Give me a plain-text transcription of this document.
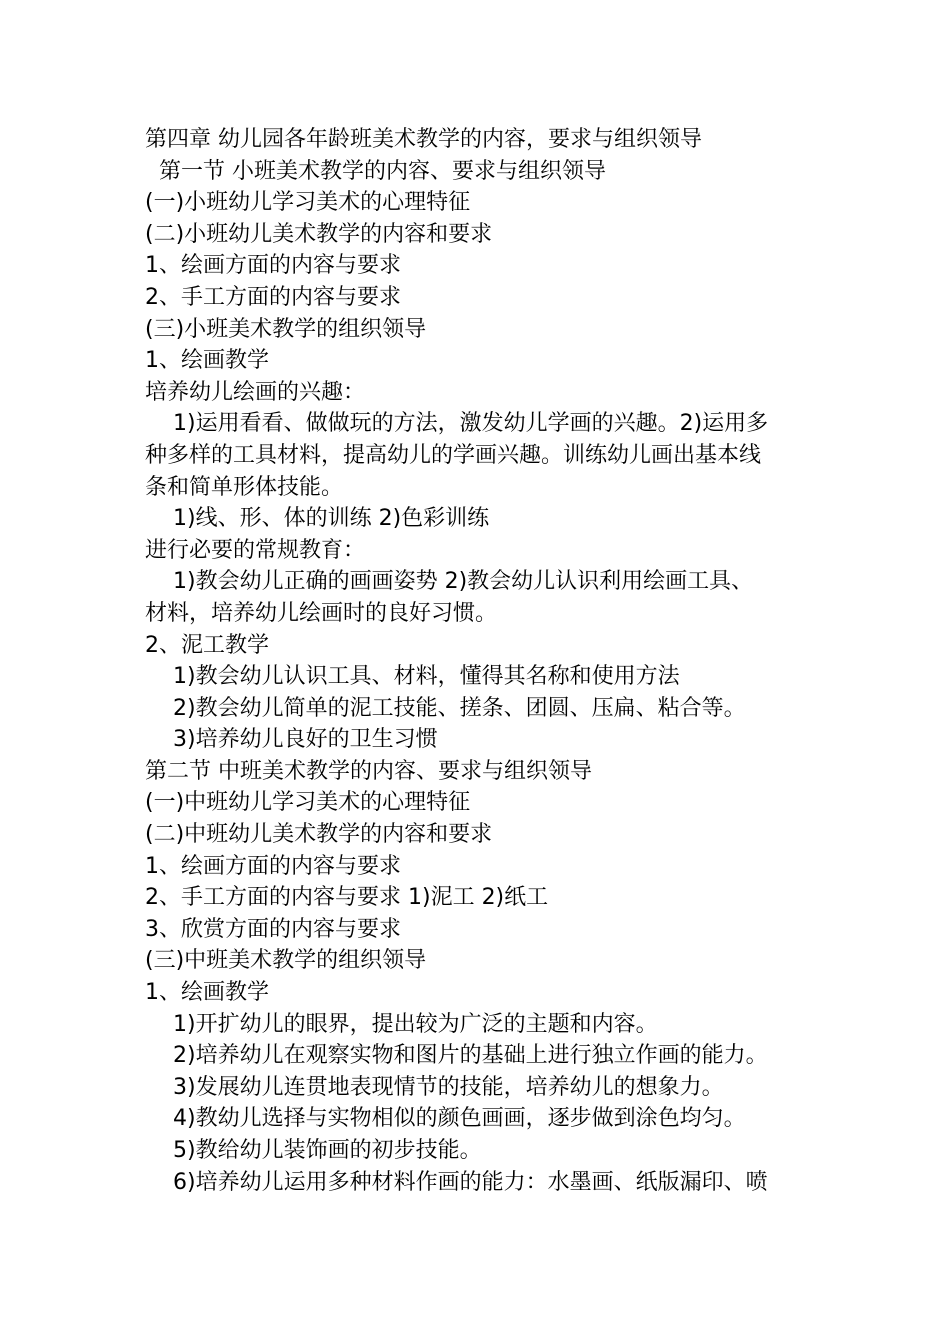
第四章 幼儿园各年龄班美术教学的内容，要求与组织领导
第一节 小班美术教学的内容、要求与组织领导
(一)小班幼儿学习美术的心理特征
(二)小班幼儿美术教学的内容和要求
1、绘画方面的内容与要求
2、手工方面的内容与要求
(三)小班美术教学的组织领导
1、绘画教学
培养幼儿绘画的兴趣：
1)运用看看、做做玩的方法，激发幼儿学画的兴趣。2)运用多
种多样的工具材料，提高幼儿的学画兴趣。训练幼儿画出基本线
条和简单形体技能。
1)线、形、体的训练 2)色彩训练
进行必要的常规教育：
1)教会幼儿正确的画画姿势 2)教会幼儿认识利用绘画工具、
材料，培养幼儿绘画时的良好习惯。
2、泥工教学
1)教会幼儿认识工具、材料，懂得其名称和使用方法
2)教会幼儿简单的泥工技能、搓条、团圆、压扁、粘合等。
3)培养幼儿良好的卫生习惯
第二节 中班美术教学的内容、要求与组织领导
(一)中班幼儿学习美术的心理特征
(二)中班幼儿美术教学的内容和要求
1、绘画方面的内容与要求
2、手工方面的内容与要求 1)泥工 2)纸工
3、欣赏方面的内容与要求
(三)中班美术教学的组织领导
1、绘画教学
1)开扩幼儿的眼界，提出较为广泛的主题和内容。
2)培养幼儿在观察实物和图片的基础上进行独立作画的能力。
3)发展幼儿连贯地表现情节的技能，培养幼儿的想象力。
4)教幼儿选择与实物相似的颜色画画，逐步做到涂色均匀。
5)教给幼儿装饰画的初步技能。
6)培养幼儿运用多种材料作画的能力：水墨画、纸版漏印、喷
